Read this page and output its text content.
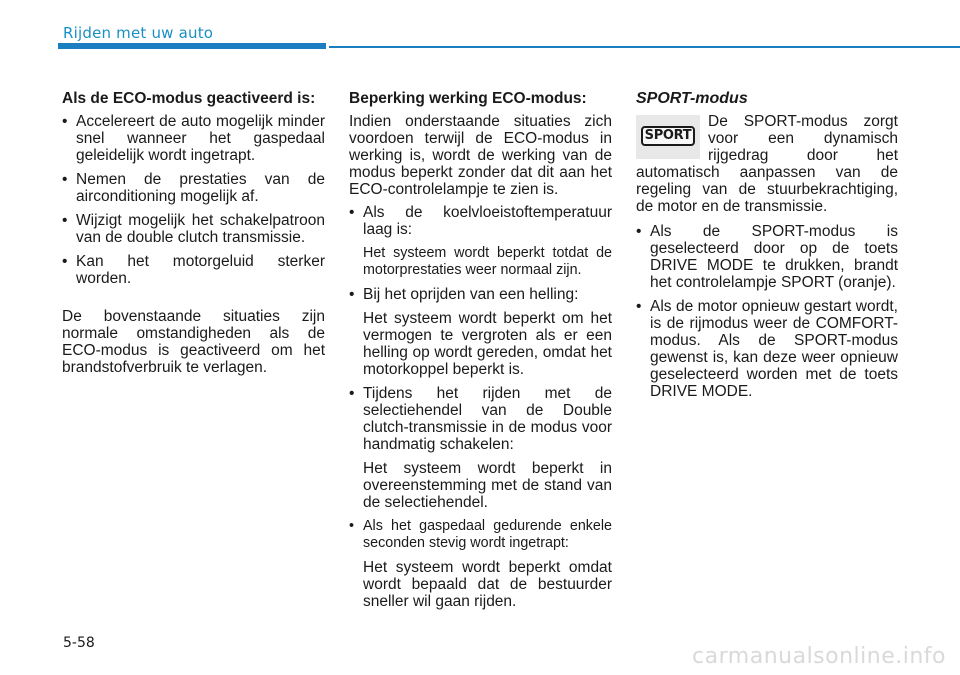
Rijden met uw auto

Als de ECO-modus geactiveerd is:

• Accelereert de auto mogelijk minder snel wanneer het gaspedaal geleidelijk wordt ingetrapt.
• Nemen de prestaties van de airconditioning mogelijk af.
• Wijzigt mogelijk het schakelpatroon van de double clutch transmissie.
• Kan het motorgeluid sterker worden.

De bovenstaande situaties zijn normale omstandigheden als de ECO-modus is geactiveerd om het brandstofverbruik te verlagen.

Beperking werking ECO-modus:

Indien onderstaande situaties zich voordoen terwijl de ECO-modus in werking is, wordt de werking van de modus beperkt zonder dat dit aan het ECO-controlelampje te zien is.

• Als de koelvloeistoftemperatuur laag is:

Het systeem wordt beperkt totdat de motorprestaties weer normaal zijn.

• Bij het oprijden van een helling:

Het systeem wordt beperkt om het vermogen te vergroten als er een helling op wordt gereden, omdat het motorkoppel beperkt is.

• Tijdens het rijden met de selectiehendel van de Double clutch-transmissie in de modus voor handmatig schakelen:

Het systeem wordt beperkt in overeenstemming met de stand van de selectiehendel.

• Als het gaspedaal gedurende enkele seconden stevig wordt ingetrapt:

Het systeem wordt beperkt omdat wordt bepaald dat de bestuurder sneller wil gaan rijden.

SPORT-modus

SPORT

De SPORT-modus zorgt voor een dynamisch rijgedrag door het automatisch aanpassen van de regeling van de stuurbekrachtiging, de motor en de transmissie.

• Als de SPORT-modus is geselecteerd door op de toets DRIVE MODE te drukken, brandt het controlelampje SPORT (oranje).
• Als de motor opnieuw gestart wordt, is de rijmodus weer de COMFORT-modus. Als de SPORT-modus gewenst is, kan deze weer opnieuw geselecteerd worden met de toets DRIVE MODE.
5-58
carmanualsonline.info
